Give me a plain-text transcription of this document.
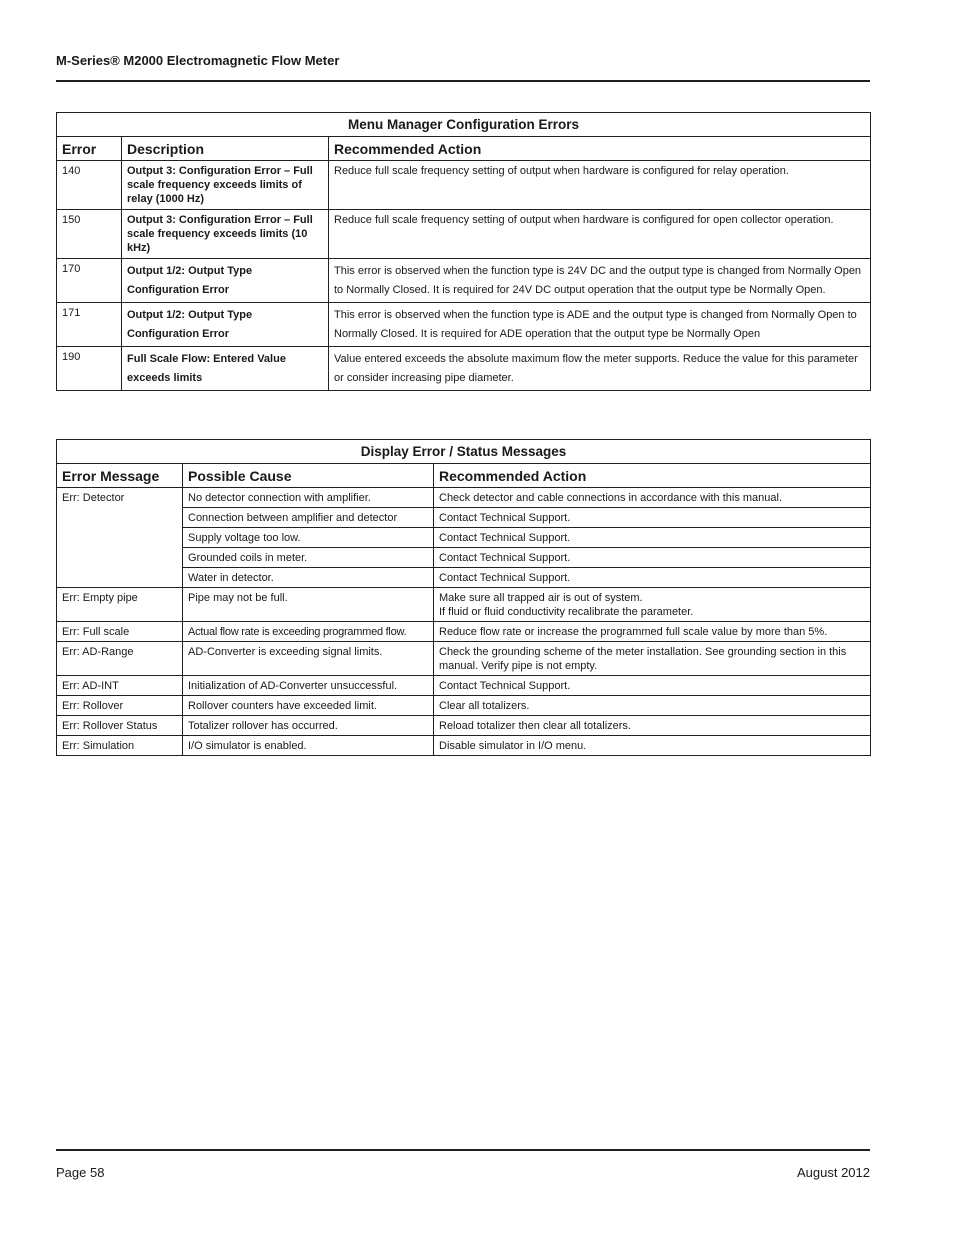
M-Series® M2000 Electromagnetic Flow Meter
Menu Manager Configuration Errors		
Error	Description	Recommended Action
140	Output 3: Configuration Error – Full scale frequency exceeds limits of relay (1000 Hz)	Reduce full scale frequency setting of output when hardware is configured for relay operation.
150	Output 3: Configuration Error – Full scale frequency exceeds limits (10 kHz)	Reduce full scale frequency setting of output when hardware is configured for open collector operation.
170	Output 1/2: Output Type Configuration Error	This error is observed when the function type is 24V DC and the output type is changed from Normally Open to Normally Closed. It is required for 24V DC output operation that the output type be Normally Open.
171	Output 1/2: Output Type Configuration Error	This error is observed when the function type is ADE and the output type is changed from Normally Open to Normally Closed. It is required for ADE operation that the output type be Normally Open
190	Full Scale Flow: Entered Value exceeds limits	Value entered exceeds the absolute maximum flow the meter supports. Reduce the value for this parameter or consider increasing pipe diameter.
Display Error / Status Messages		
Error Message	Possible Cause	Recommended Action
Err: Detector	No detector connection with amplifier.	Check detector and cable connections in accordance with this manual.
	Connection between amplifier and detector	Contact Technical Support.
	Supply voltage too low.	Contact Technical Support.
	Grounded coils in meter.	Contact Technical Support.
	Water in detector.	Contact Technical Support.
Err: Empty pipe	Pipe may not be full.	Make sure all trapped air is out of system.
If fluid or fluid conductivity recalibrate the parameter.

Err: Full scale	Actual flow rate is exceeding programmed flow.	Reduce flow rate or increase the programmed full scale value by more than 5%.
Err: AD-Range	AD-Converter is exceeding signal limits.	Check the grounding scheme of the meter installation. See grounding section in this manual. Verify pipe is not empty.
Err: AD-INT	Initialization of AD-Converter unsuccessful.	Contact Technical Support.
Err: Rollover	Rollover counters have exceeded limit.	Clear all totalizers.
Err: Rollover Status	Totalizer rollover has occurred.	Reload totalizer then clear all totalizers.
Err: Simulation	I/O simulator is enabled.	Disable simulator in I/O menu.
Page 58	August 2012
